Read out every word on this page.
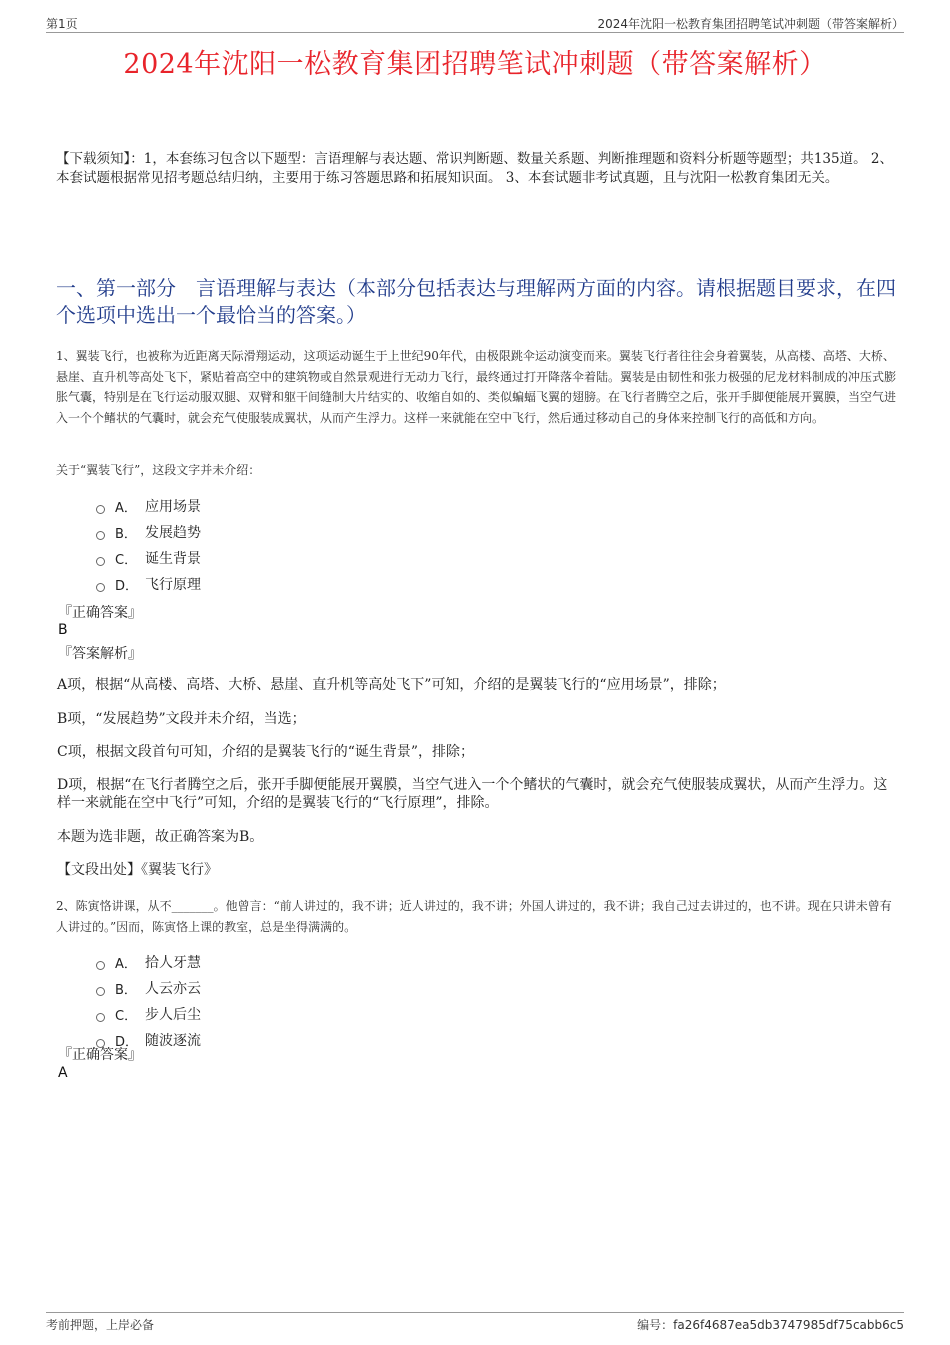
第1页	2024年沈阳一松教育集团招聘笔试冲刺题（带答案解析）
2024年沈阳一松教育集团招聘笔试冲刺题（带答案解析）
【下载须知】：1，本套练习包含以下题型：言语理解与表达题、常识判断题、数量关系题、判断推理题和资料分析题等题型；共135道。 2、本套试题根据常见招考题总结归纳，主要用于练习答题思路和拓展知识面。 3、本套试题非考试真题，且与沈阳一松教育集团无关。
一、第一部分　言语理解与表达（本部分包括表达与理解两方面的内容。请根据题目要求，在四个选项中选出一个最恰当的答案。）
1、翼装飞行，也被称为近距离天际滑翔运动，这项运动诞生于上世纪90年代，由极限跳伞运动演变而来。翼装飞行者往往会身着翼装，从高楼、高塔、大桥、悬崖、直升机等高处飞下，紧贴着高空中的建筑物或自然景观进行无动力飞行，最终通过打开降落伞着陆。翼装是由韧性和张力极强的尼龙材料制成的冲压式膨胀气囊，特别是在飞行运动服双腿、双臂和躯干间缝制大片结实的、收缩自如的、类似蝙蝠飞翼的翅膀。在飞行者腾空之后，张开手脚便能展开翼膜，当空气进入一个个鳍状的气囊时，就会充气使服装成翼状，从而产生浮力。这样一来就能在空中飞行，然后通过移动自己的身体来控制飞行的高低和方向。
关于“翼装飞行”，这段文字并未介绍：
A． 应用场景
B． 发展趋势
C． 诞生背景
D． 飞行原理
『正确答案』
B
『答案解析』
A项，根据“从高楼、高塔、大桥、悬崖、直升机等高处飞下”可知，介绍的是翼装飞行的“应用场景”，排除；
B项，“发展趋势”文段并未介绍，当选；
C项，根据文段首句可知，介绍的是翼装飞行的“诞生背景”，排除；
D项，根据“在飞行者腾空之后，张开手脚便能展开翼膜，当空气进入一个个鳍状的气囊时，就会充气使服装成翼状，从而产生浮力。这样一来就能在空中飞行”可知，介绍的是翼装飞行的“飞行原理”，排除。
本题为选非题，故正确答案为B。
【文段出处】《翼装飞行》
2、陈寅恪讲课，从不_______。他曾言：“前人讲过的，我不讲；近人讲过的，我不讲；外国人讲过的，我不讲；我自己过去讲过的，也不讲。现在只讲未曾有人讲过的。”因而，陈寅恪上课的教室，总是坐得满满的。
A． 拾人牙慧
B． 人云亦云
C． 步人后尘
D． 随波逐流
『正确答案』
A
考前押题，上岸必备	编号：fa26f4687ea5db3747985df75cabb6c5
